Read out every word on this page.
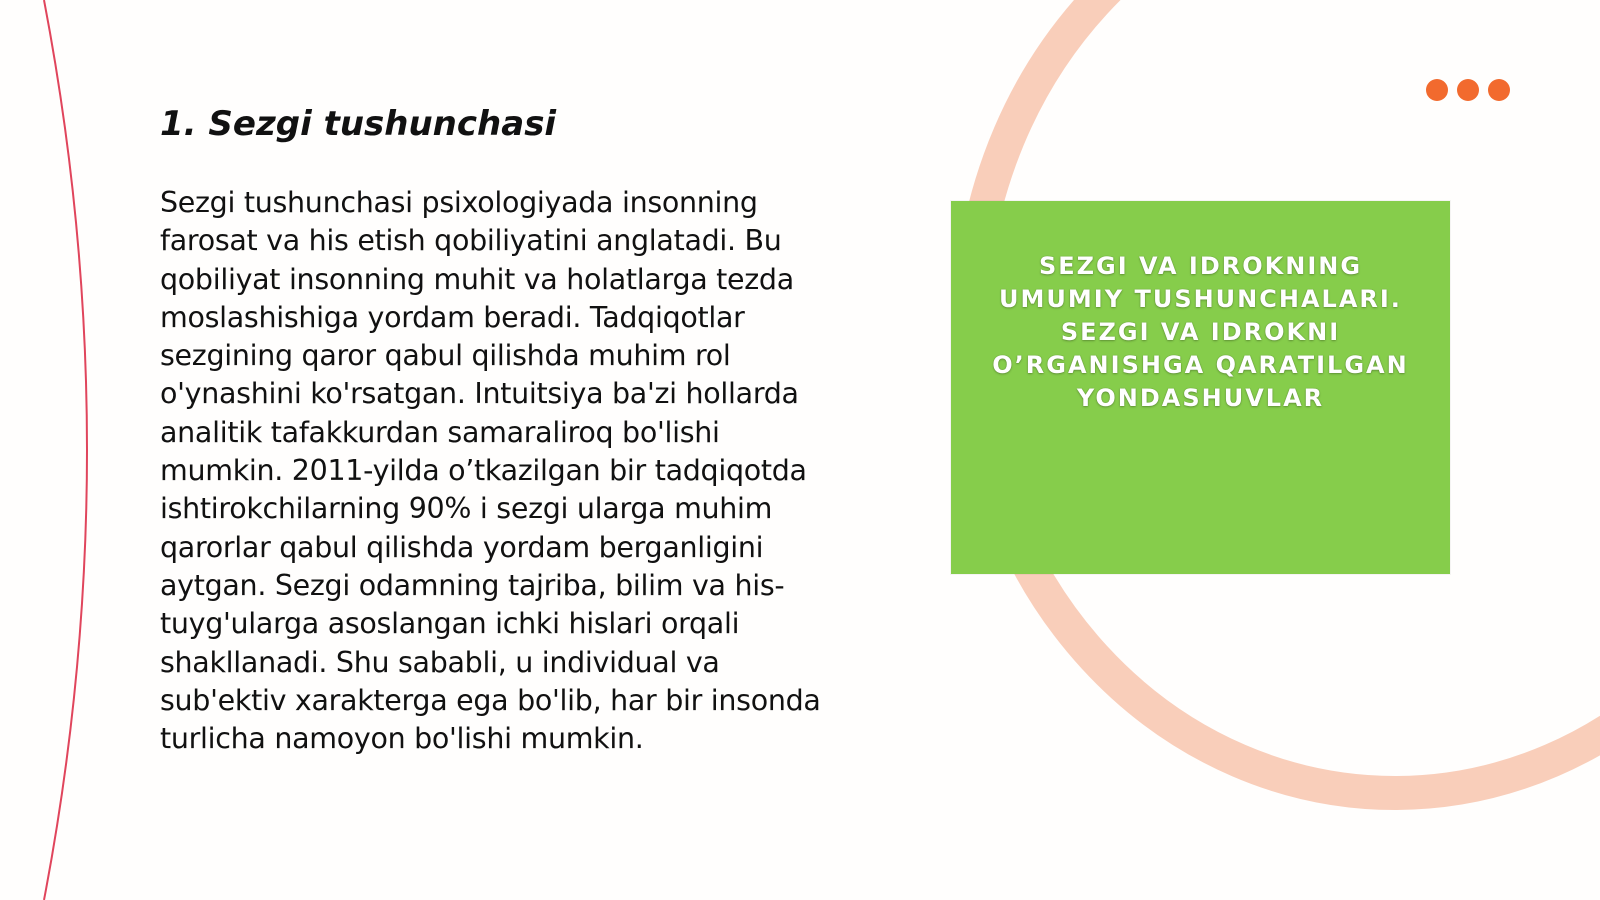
1. Sezgi tushunchasi

Sezgi tushunchasi psixologiyada insonning farosat va his etish qobiliyatini anglatadi. Bu qobiliyat insonning muhit va holatlarga tezda moslashishiga yordam beradi. Tadqiqotlar sezgining qaror qabul qilishda muhim rol o'ynashini ko'rsatgan. Intuitsiya ba'zi hollarda analitik tafakkurdan samaraliroq bo'lishi mumkin. 2011-yilda o’tkazilgan bir tadqiqotda ishtirokchilarning 90% i sezgi ularga muhim qarorlar qabul qilishda yordam berganligini aytgan. Sezgi odamning tajriba, bilim va his-tuyg'ularga asoslangan ichki hislari orqali shakllanadi. Shu sababli, u individual va sub'ektiv xarakterga ega bo'lib, har bir insonda turlicha namoyon bo'lishi mumkin.

SEZGI VA IDROKNING UMUMIY TUSHUNCHALARI. SEZGI VA IDROKNI O’RGANISHGA QARATILGAN YONDASHUVLAR
